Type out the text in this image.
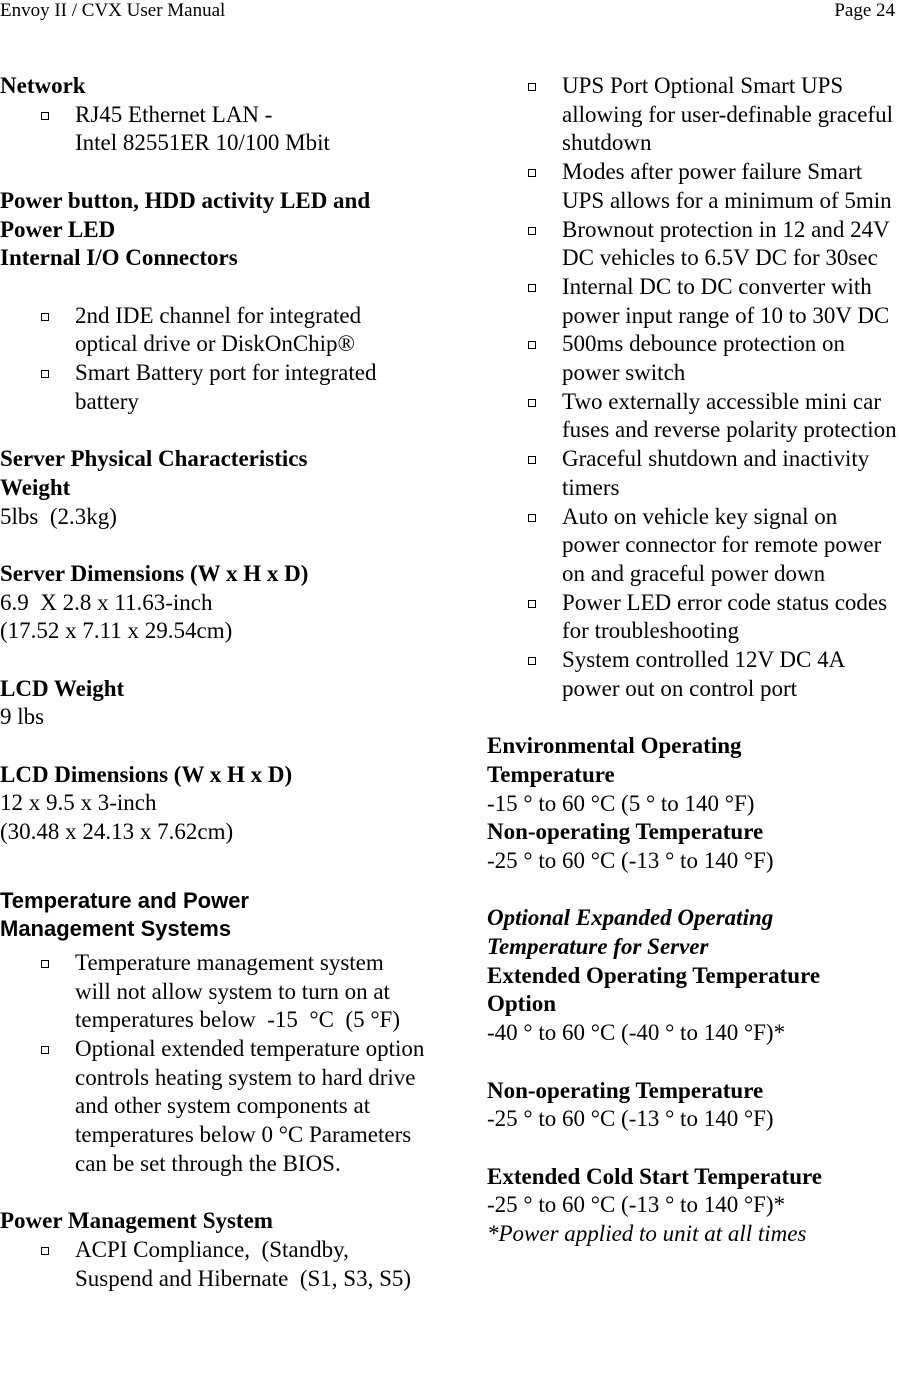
Envoy II / CVX User Manual	Page 24
Network
RJ45 Ethernet LAN -
Intel 82551ER 10/100 Mbit
Power button, HDD activity LED and
Power LED
Internal I/O Connectors
2nd IDE channel for integrated optical drive or DiskOnChip®
Smart Battery port for integrated battery
Server Physical Characteristics
Weight
5lbs  (2.3kg)
Server Dimensions (W x H x D)
6.9  X 2.8 x 11.63-inch
(17.52 x 7.11 x 29.54cm)
LCD Weight
9 lbs
LCD Dimensions (W x H x D)
12 x 9.5 x 3-inch
(30.48 x 24.13 x 7.62cm)
Temperature and Power
Management Systems
Temperature management system will not allow system to turn on at temperatures below  -15  °C  (5 °F)
Optional extended temperature option controls heating system to hard drive and other system components at temperatures below 0 °C Parameters can be set through the BIOS.
Power Management System
ACPI Compliance,  (Standby, Suspend and Hibernate  (S1, S3, S5)
UPS Port Optional Smart UPS allowing for user-definable graceful shutdown
Modes after power failure Smart UPS allows for a minimum of 5min
Brownout protection in 12 and 24V DC vehicles to 6.5V DC for 30sec
Internal DC to DC converter with power input range of 10 to 30V DC
500ms debounce protection on power switch
Two externally accessible mini car fuses and reverse polarity protection
Graceful shutdown and inactivity timers
Auto on vehicle key signal on power connector for remote power on and graceful power down
Power LED error code status codes for troubleshooting
System controlled 12V DC 4A power out on control port
Environmental Operating
Temperature
-15 ° to 60 °C (5 ° to 140 °F)
Non-operating Temperature
-25 ° to 60 °C (-13 ° to 140 °F)
Optional Expanded Operating
Temperature for Server
Extended Operating Temperature
Option
-40 ° to 60 °C (-40 ° to 140 °F)*
Non-operating Temperature
-25 ° to 60 °C (-13 ° to 140 °F)
Extended Cold Start Temperature
-25 ° to 60 °C (-13 ° to 140 °F)*
*Power applied to unit at all times
